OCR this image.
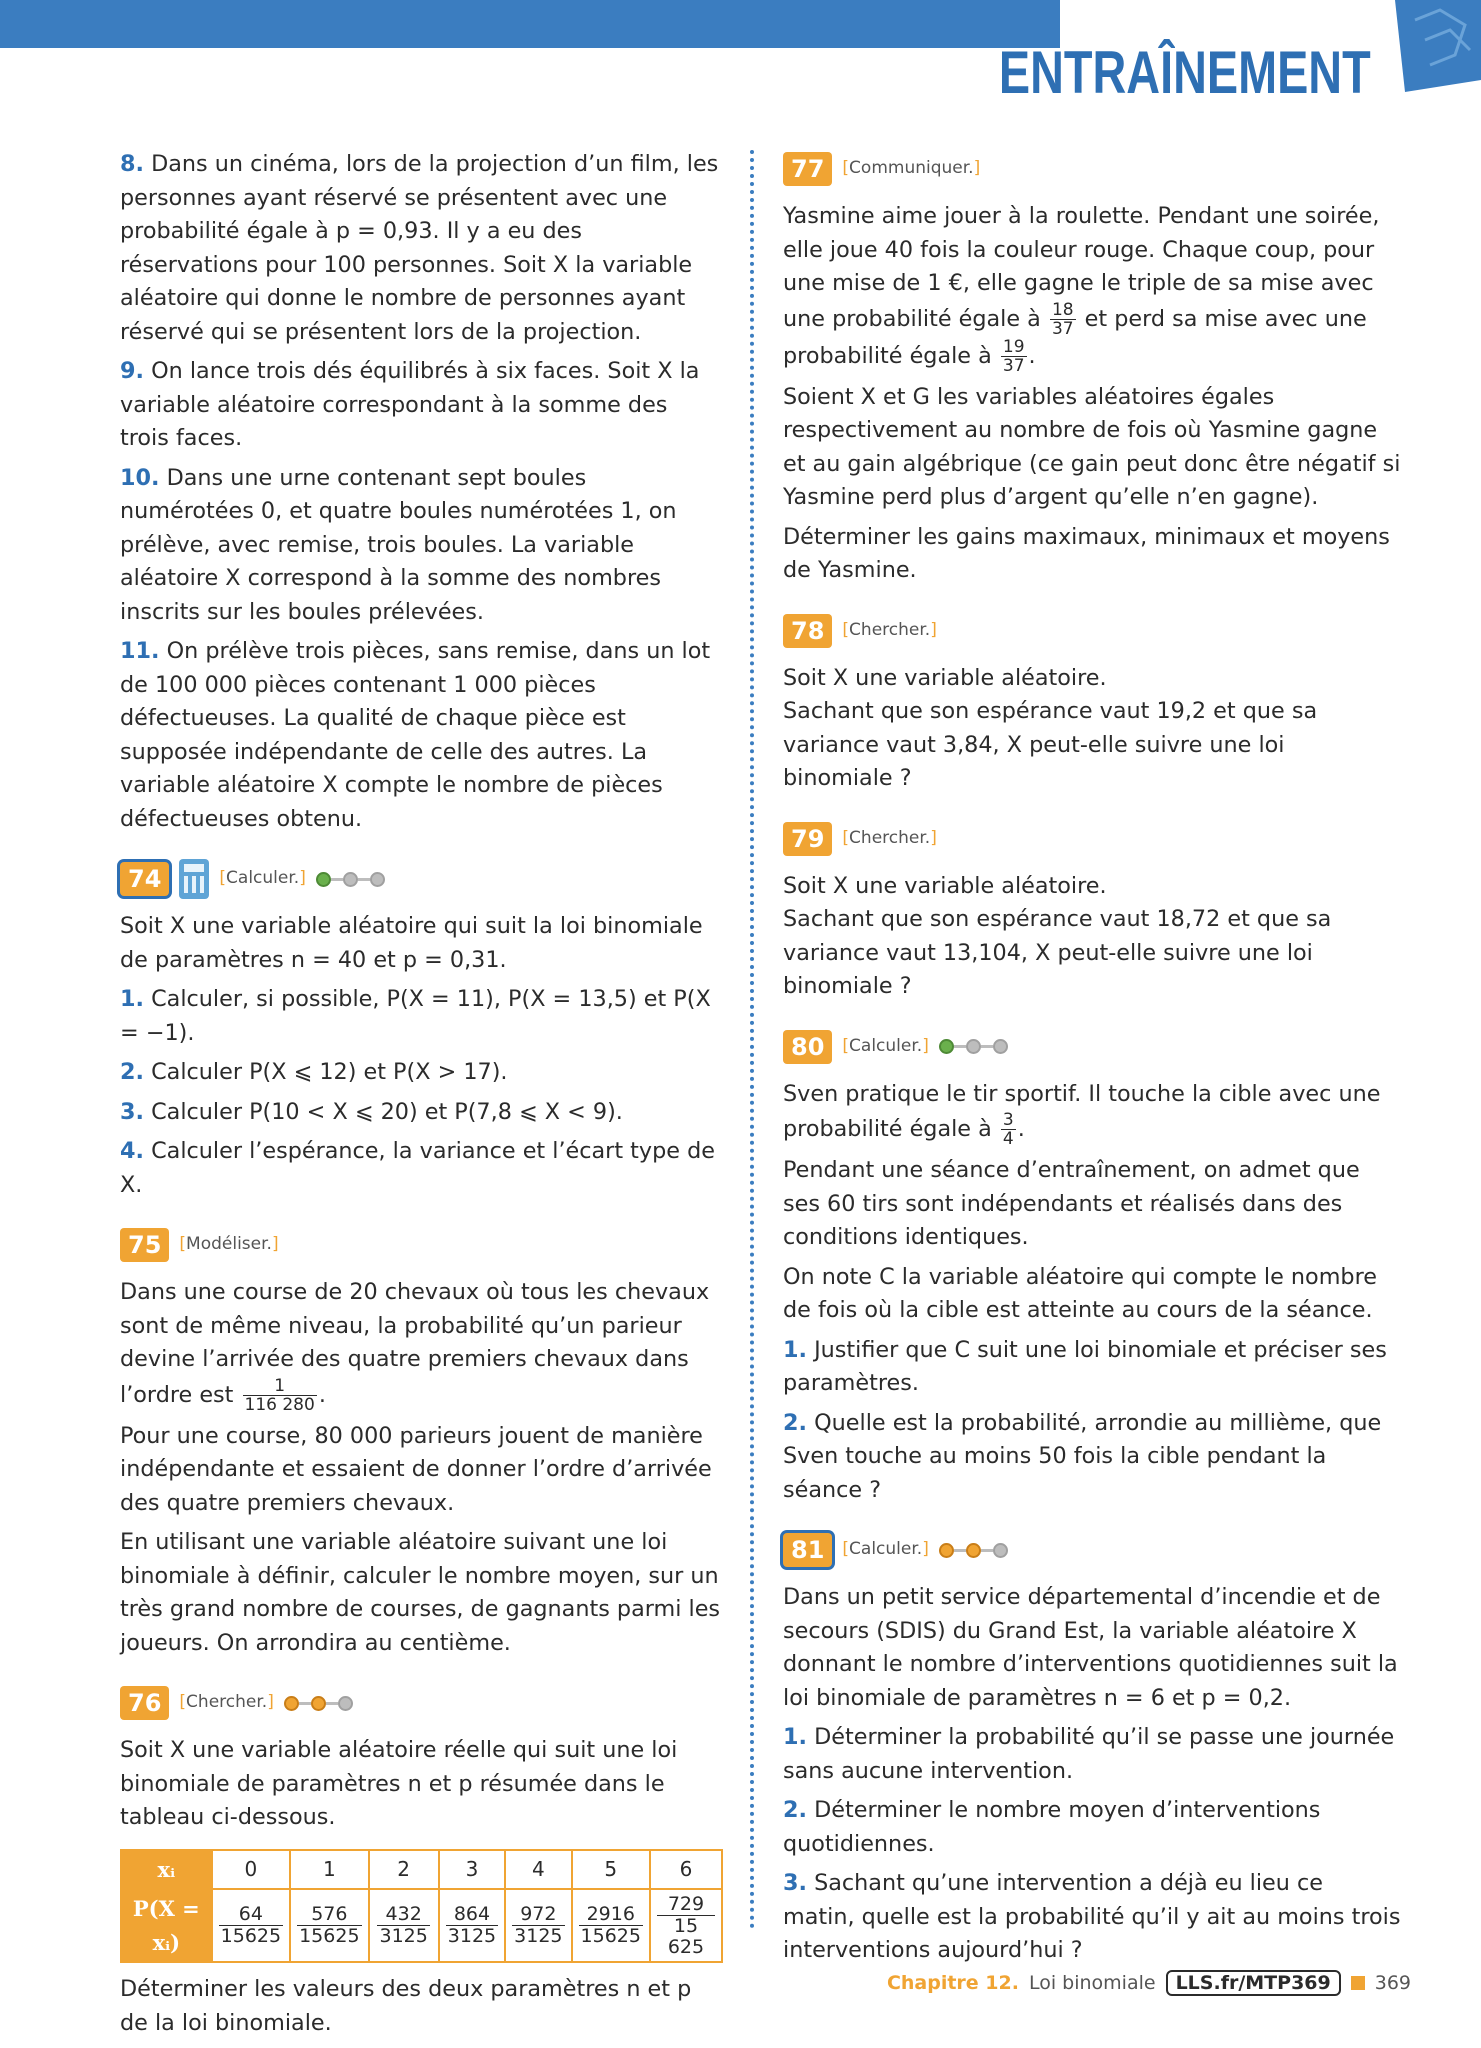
ENTRAÎNEMENT

8. Dans un cinéma, lors de la projection d’un film, les personnes ayant réservé se présentent avec une probabilité égale à p = 0,93. Il y a eu des réservations pour 100 personnes. Soit X la variable aléatoire qui donne le nombre de personnes ayant réservé qui se présentent lors de la projection.

9. On lance trois dés équilibrés à six faces. Soit X la variable aléatoire correspondant à la somme des trois faces.

10. Dans une urne contenant sept boules numérotées 0, et quatre boules numérotées 1, on prélève, avec remise, trois boules. La variable aléatoire X correspond à la somme des nombres inscrits sur les boules prélevées.

11. On prélève trois pièces, sans remise, dans un lot de 100 000 pièces contenant 1 000 pièces défectueuses. La qualité de chaque pièce est supposée indépendante de celle des autres. La variable aléatoire X compte le nombre de pièces défectueuses obtenu.

74	[Calculer.]

Soit X une variable aléatoire qui suit la loi binomiale de paramètres n = 40 et p = 0,31.

1. Calculer, si possible, P(X = 11), P(X = 13,5) et P(X = −1).

2. Calculer P(X ⩽ 12) et P(X > 17).

3. Calculer P(10 < X ⩽ 20) et P(7,8 ⩽ X < 9).

4. Calculer l’espérance, la variance et l’écart type de X.

75	[Modéliser.]

Dans une course de 20 chevaux où tous les chevaux sont de même niveau, la probabilité qu’un parieur devine l’arrivée des quatre premiers chevaux dans l’ordre est $\frac{1}{116 280}$ .

Pour une course, 80 000 parieurs jouent de manière indépendante et essaient de donner l’ordre d’arrivée des quatre premiers chevaux.

En utilisant une variable aléatoire suivant une loi binomiale à définir, calculer le nombre moyen, sur un très grand nombre de courses, de gagnants parmi les joueurs. On arrondira au centième.

76	[Chercher.]

Soit X une variable aléatoire réelle qui suit une loi binomiale de paramètres n et p résumée dans le tableau ci-dessous.

xᵢ	0	1	2	3	4	5	6
P(X = xᵢ)	$\frac{64}{15625}$	$\frac{576}{15625}$	$\frac{432}{3125}$	$\frac{864}{3125}$	$\frac{972}{3125}$	$\frac{2916}{15625}$	$\frac{729}{15 625}$

Déterminer les valeurs des deux paramètres n et p de la loi binomiale.

77	[Communiquer.]

Yasmine aime jouer à la roulette. Pendant une soirée, elle joue 40 fois la couleur rouge. Chaque coup, pour une mise de 1 €, elle gagne le triple de sa mise avec une probabilité égale à $\frac{18}{37}$ et perd sa mise avec une probabilité égale à $\frac{19}{37}$ .

Soient X et G les variables aléatoires égales respectivement au nombre de fois où Yasmine gagne et au gain algébrique (ce gain peut donc être négatif si Yasmine perd plus d’argent qu’elle n’en gagne).

Déterminer les gains maximaux, minimaux et moyens de Yasmine.

78	[Chercher.]

Soit X une variable aléatoire.
Sachant que son espérance vaut 19,2 et que sa variance vaut 3,84, X peut-elle suivre une loi binomiale ?

79	[Chercher.]

Soit X une variable aléatoire.
Sachant que son espérance vaut 18,72 et que sa variance vaut 13,104, X peut-elle suivre une loi binomiale ?

80	[Calculer.]

Sven pratique le tir sportif. Il touche la cible avec une probabilité égale à $\frac{3}{4}$ .

Pendant une séance d’entraînement, on admet que ses 60 tirs sont indépendants et réalisés dans des conditions identiques.

On note C la variable aléatoire qui compte le nombre de fois où la cible est atteinte au cours de la séance.

1. Justifier que C suit une loi binomiale et préciser ses paramètres.

2. Quelle est la probabilité, arrondie au millième, que Sven touche au moins 50 fois la cible pendant la séance ?

81	[Calculer.]

Dans un petit service départemental d’incendie et de secours (SDIS) du Grand Est, la variable aléatoire X donnant le nombre d’interventions quotidiennes suit la loi binomiale de paramètres n = 6 et p = 0,2.

1. Déterminer la probabilité qu’il se passe une journée sans aucune intervention.

2. Déterminer le nombre moyen d’interventions quotidiennes.

3. Sachant qu’une intervention a déjà eu lieu ce matin, quelle est la probabilité qu’il y ait au moins trois interventions aujourd’hui ?

Chapitre 12. Loi binomiale	LLS.fr/MTP369	369
